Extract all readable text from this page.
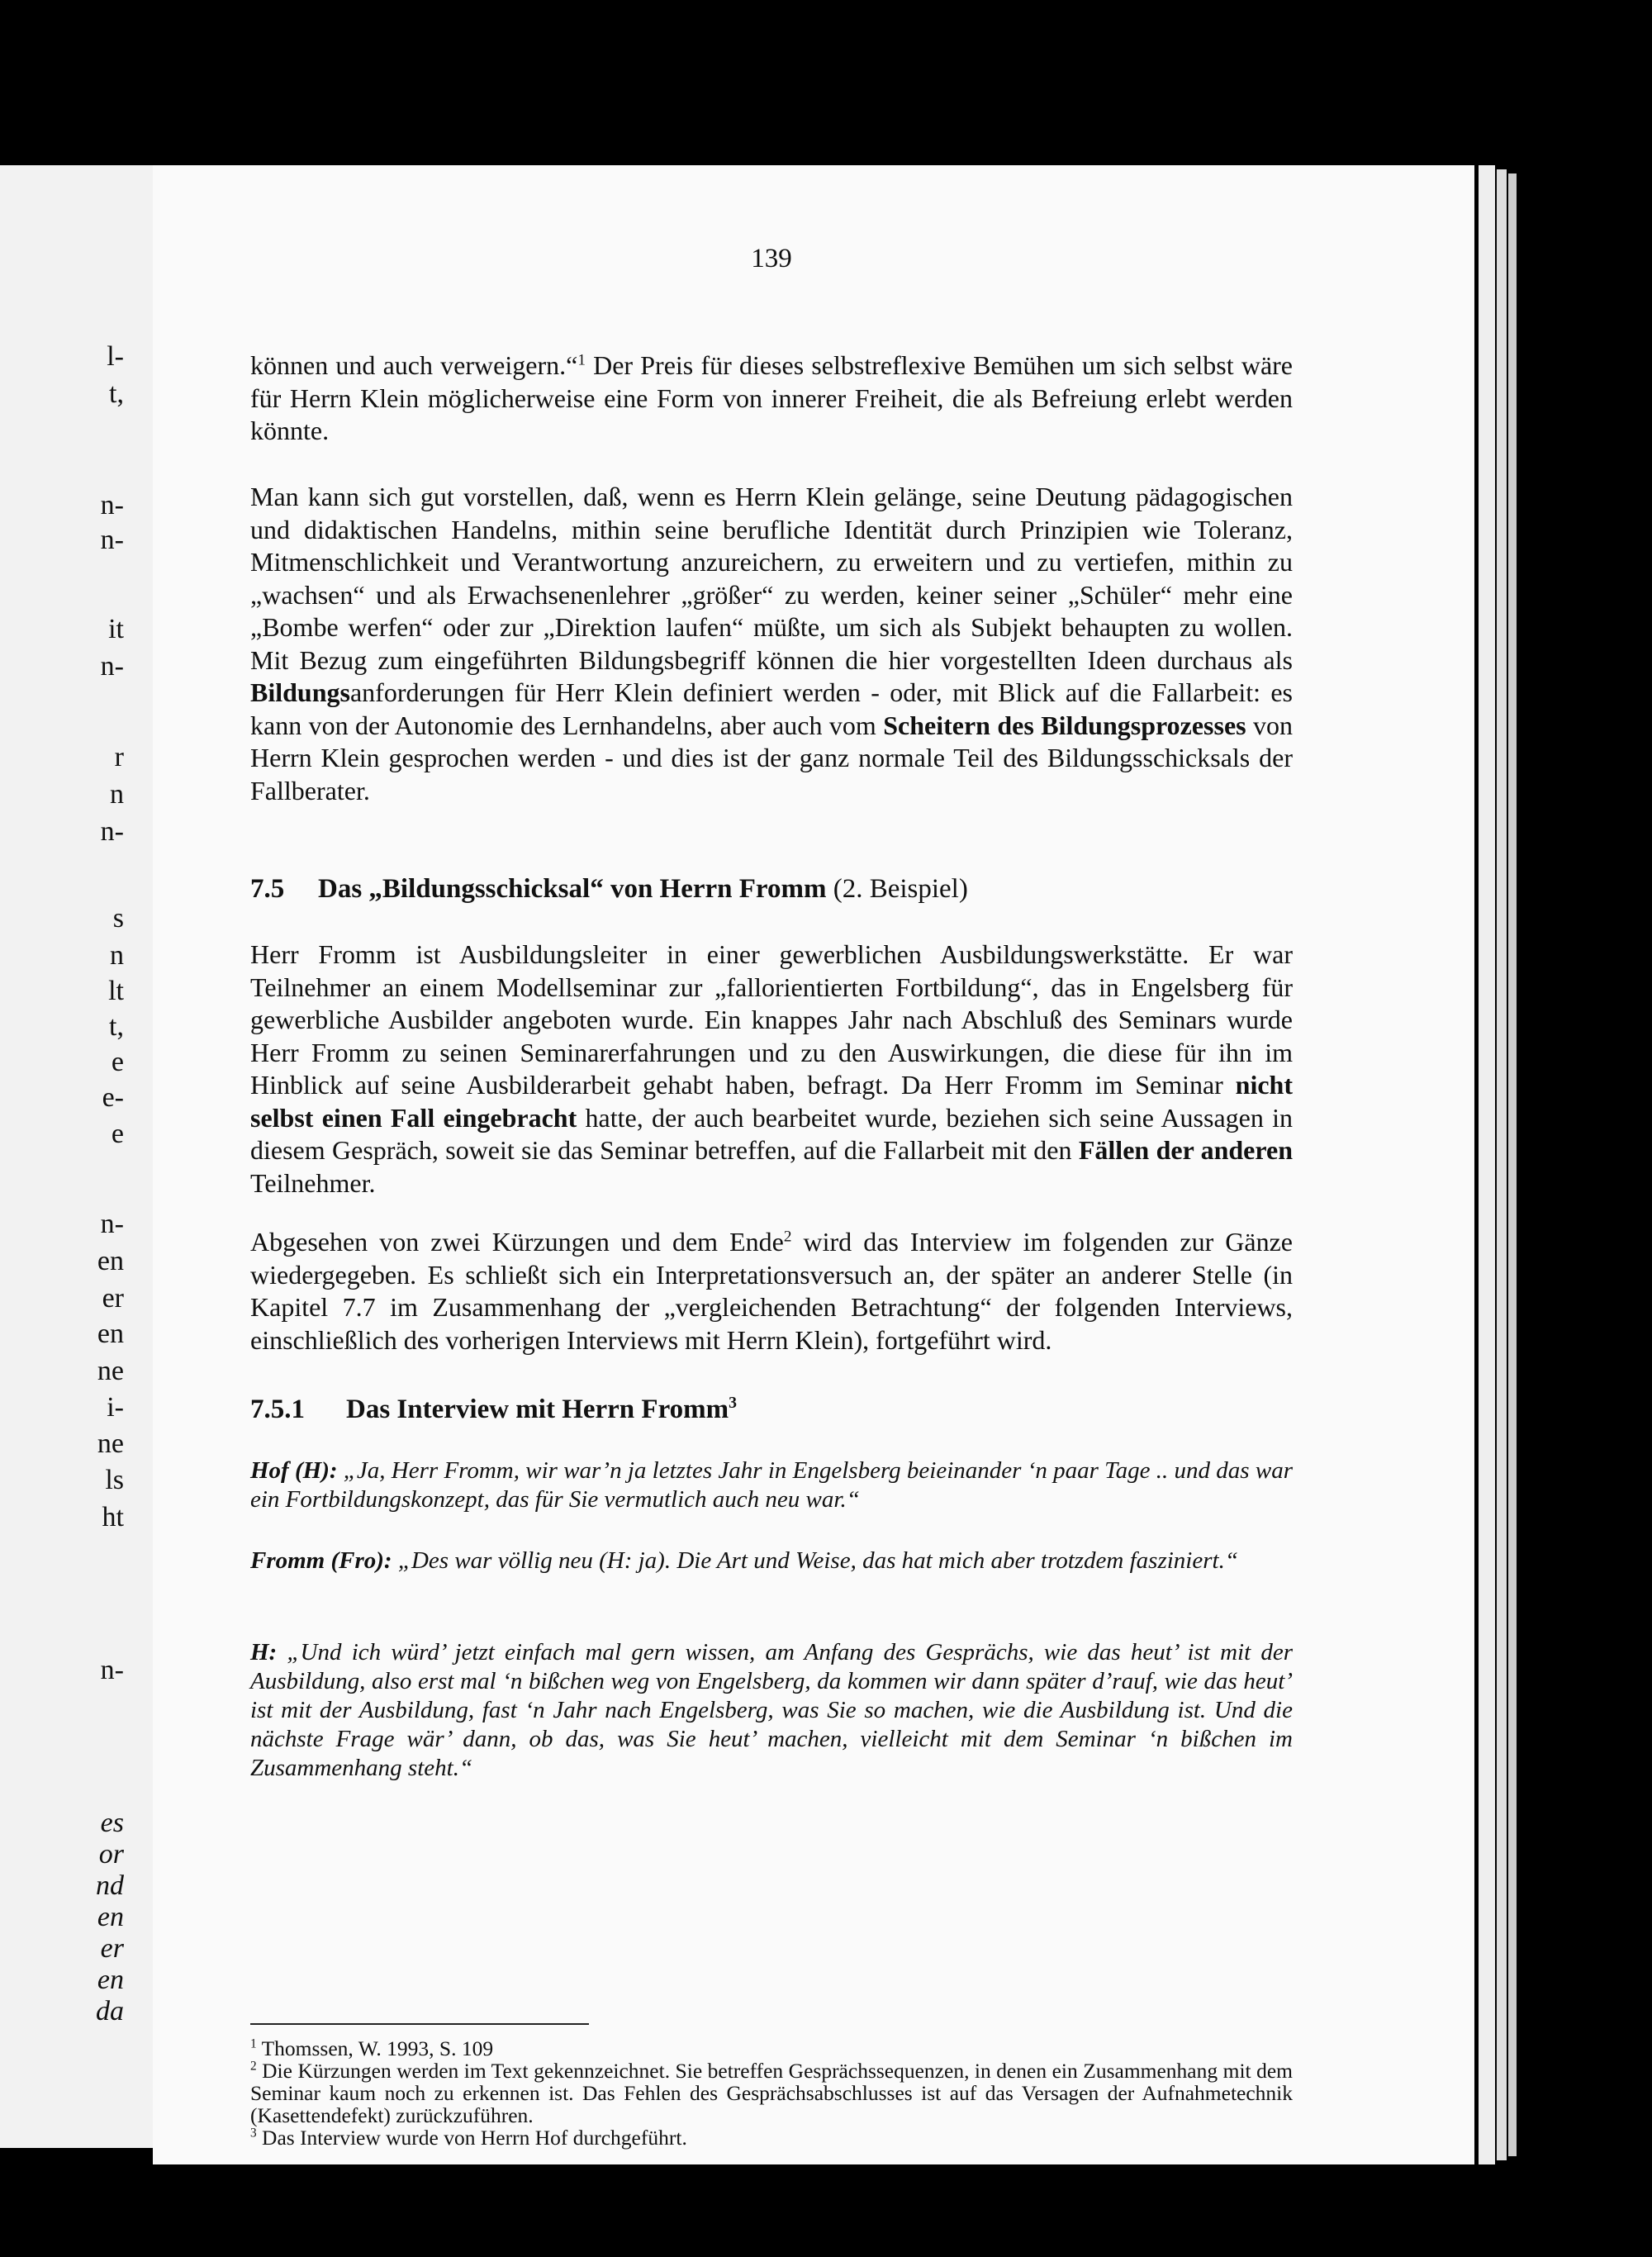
l-
t,
n-
n-
it
n-
r
n
n-
s
n
lt
t,
e
e-
e
n-
en
er
en
ne
i-
ne
ls
ht
n-
es
or
nd
en
er
en
da
139

können und auch verweigern.“$^1$ Der Preis für dieses selbstreflexive Bemühen um sich selbst wäre für Herrn Klein möglicherweise eine Form von innerer Freiheit, die als Befreiung erlebt werden könnte.

Man kann sich gut vorstellen, daß, wenn es Herrn Klein gelänge, seine Deutung pädagogischen und didaktischen Handelns, mithin seine berufliche Identität durch Prinzipien wie Toleranz, Mitmenschlichkeit und Verantwortung anzureichern, zu erweitern und zu vertiefen, mithin zu „wachsen“ und als Erwachsenenlehrer „größer“ zu werden, keiner seiner „Schüler“ mehr eine „Bombe werfen“ oder zur „Direktion laufen“ müßte, um sich als Subjekt behaupten zu wollen. Mit Bezug zum eingeführten Bildungsbegriff können die hier vorgestellten Ideen durchaus als Bildungsanforderungen für Herr Klein definiert werden - oder, mit Blick auf die Fallarbeit: es kann von der Autonomie des Lernhandelns, aber auch vom Scheitern des Bildungsprozesses von Herrn Klein gesprochen werden - und dies ist der ganz normale Teil des Bildungsschicksals der Fallberater.

7.5 Das „Bildungsschicksal“ von Herrn Fromm (2. Beispiel)

Herr Fromm ist Ausbildungsleiter in einer gewerblichen Ausbildungswerkstätte. Er war Teilnehmer an einem Modellseminar zur „fallorientierten Fortbildung“, das in Engelsberg für gewerbliche Ausbilder angeboten wurde. Ein knappes Jahr nach Abschluß des Seminars wurde Herr Fromm zu seinen Seminarerfahrungen und zu den Auswirkungen, die diese für ihn im Hinblick auf seine Ausbilderarbeit gehabt haben, befragt. Da Herr Fromm im Seminar nicht selbst einen Fall eingebracht hatte, der auch bearbeitet wurde, beziehen sich seine Aussagen in diesem Gespräch, soweit sie das Seminar betreffen, auf die Fallarbeit mit den Fällen der anderen Teilnehmer.

Abgesehen von zwei Kürzungen und dem Ende$^2$ wird das Interview im folgenden zur Gänze wiedergegeben. Es schließt sich ein Interpretationsversuch an, der später an anderer Stelle (in Kapitel 7.7 im Zusammenhang der „vergleichenden Betrachtung“ der folgenden Interviews, einschließlich des vorherigen Interviews mit Herrn Klein), fortgeführt wird.

7.5.1 Das Interview mit Herrn Fromm$^3$

Hof (H): „Ja, Herr Fromm, wir war’n ja letztes Jahr in Engelsberg beieinander ‘n paar Tage .. und das war ein Fortbildungskonzept, das für Sie vermutlich auch neu war.“

Fromm (Fro): „Des war völlig neu (H: ja). Die Art und Weise, das hat mich aber trotzdem fasziniert.“

H: „Und ich würd’ jetzt einfach mal gern wissen, am Anfang des Gesprächs, wie das heut’ ist mit der Ausbildung, also erst mal ‘n bißchen weg von Engelsberg, da kommen wir dann später d’rauf, wie das heut’ ist mit der Ausbildung, fast ‘n Jahr nach Engelsberg, was Sie so machen, wie die Ausbildung ist. Und die nächste Frage wär’ dann, ob das, was Sie heut’ machen, vielleicht mit dem Seminar ‘n bißchen im Zusammenhang steht.“

$^1$ Thomssen, W. 1993, S. 109

$^2$ Die Kürzungen werden im Text gekennzeichnet. Sie betreffen Gesprächssequenzen, in denen ein Zusammenhang mit dem Seminar kaum noch zu erkennen ist. Das Fehlen des Gesprächsabschlusses ist auf das Versagen der Aufnahmetechnik (Kasettendefekt) zurückzuführen.

$^3$ Das Interview wurde von Herrn Hof durchgeführt.
